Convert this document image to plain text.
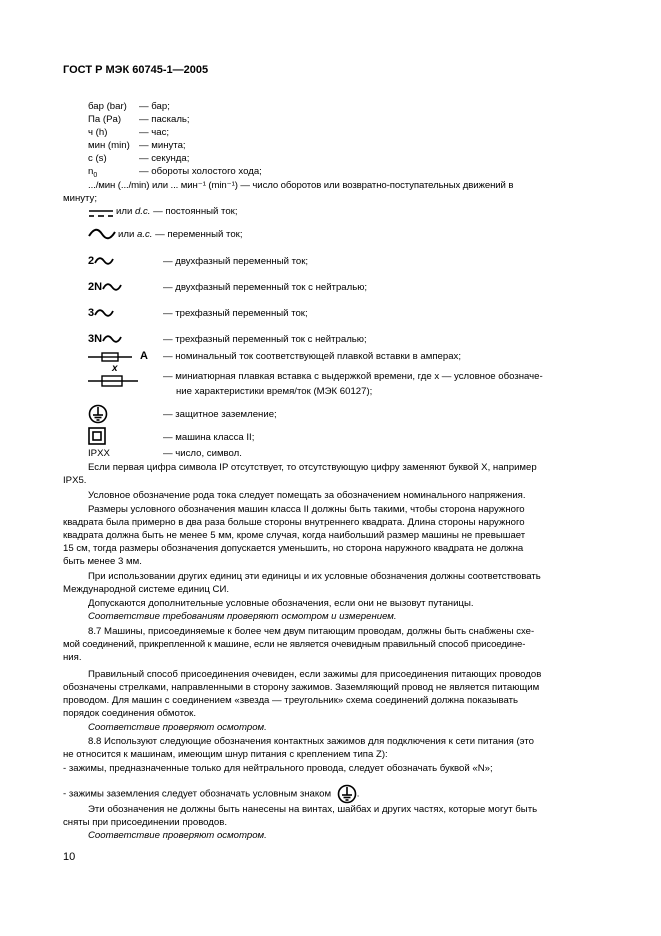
ГОСТ Р МЭК 60745-1—2005
бар (bar) — бар;
Па (Pa) — паскаль;
ч (h)	— час;
мин (min) — минута;
с (s)	— секунда;
$n_0$	— обороты холостого хода;
.../мин (.../min) или ... мин⁻¹ (min⁻¹) — число оборотов или возвратно-поступательных движений в
минуту;
или d.c. — постоянный ток;
или a.c. — переменный ток;
2	— двухфазный переменный ток;
2N	— двухфазный переменный ток с нейтралью;
3	— трехфазный переменный ток;
3N	— трехфазный переменный ток с нейтралью;
A — номинальный ток соответствующей плавкой вставки в амперах;
x
— миниатюрная плавкая вставка с выдержкой времени, где x — условное обозначе-
ние характеристики время/ток (МЭК 60127);
— защитное заземление;
— машина класса II;
IPXX	— число, символ.
Если первая цифра символа IP отсутствует, то отсутствующую цифру заменяют буквой X, например
IPX5.
Условное обозначение рода тока следует помещать за обозначением номинального напряжения.
Размеры условного обозначения машин класса II должны быть такими, чтобы сторона наружного
квадрата была примерно в два раза больше стороны внутреннего квадрата. Длина стороны наружного
квадрата должна быть не менее 5 мм, кроме случая, когда наибольший размер машины не превышает
15 см, тогда размеры обозначения допускается уменьшить, но сторона наружного квадрата не должна
быть менее 3 мм.
При использовании других единиц эти единицы и их условные обозначения должны соответствовать
Международной системе единиц СИ.
Допускаются дополнительные условные обозначения, если они не вызовут путаницы.
Соответствие требованиям проверяют осмотром и измерением.
8.7 Машины, присоединяемые к более чем двум питающим проводам, должны быть снабжены схе-
мой соединений, прикрепленной к машине, если не является очевидным правильный способ присоедине-
ния.
Правильный способ присоединения очевиден, если зажимы для присоединения питающих проводов
обозначены стрелками, направленными в сторону зажимов. Заземляющий провод не является питающим
проводом. Для машин с соединением «звезда — треугольник» схема соединений должна показывать
порядок соединения обмоток.
Соответствие проверяют осмотром.
8.8 Используют следующие обозначения контактных зажимов для подключения к сети питания (это
не относится к машинам, имеющим шнур питания с креплением типа Z):
- зажимы, предназначенные только для нейтрального провода, следует обозначать буквой «N»;
- зажимы заземления следует обозначать условным знаком	.
Эти обозначения не должны быть нанесены на винтах, шайбах и других частях, которые могут быть
сняты при присоединении проводов.
Соответствие проверяют осмотром.
10
